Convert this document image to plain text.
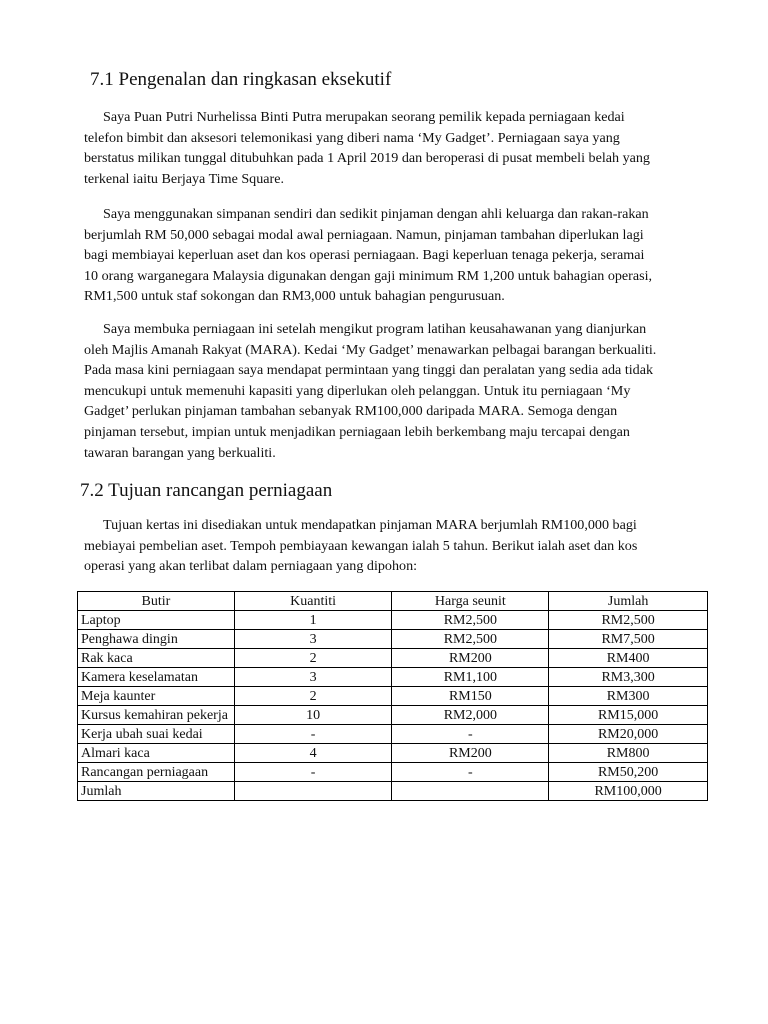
7.1 Pengenalan dan ringkasan eksekutif

Saya Puan Putri Nurhelissa Binti Putra merupakan seorang pemilik kepada perniagaan kedai
telefon bimbit dan aksesori telemonikasi yang diberi nama ‘My Gadget’. Perniagaan saya yang
berstatus milikan tunggal ditubuhkan pada 1 April 2019 dan beroperasi di pusat membeli belah yang
terkenal iaitu Berjaya Time Square.

Saya menggunakan simpanan sendiri dan sedikit pinjaman dengan ahli keluarga dan rakan-rakan
berjumlah RM 50,000 sebagai modal awal perniagaan. Namun, pinjaman tambahan diperlukan lagi
bagi membiayai keperluan aset dan kos operasi perniagaan. Bagi keperluan tenaga pekerja, seramai
10 orang warganegara Malaysia digunakan dengan gaji minimum RM 1,200 untuk bahagian operasi,
RM1,500 untuk staf sokongan dan RM3,000 untuk bahagian pengurusuan.

Saya membuka perniagaan ini setelah mengikut program latihan keusahawanan yang dianjurkan
oleh Majlis Amanah Rakyat (MARA). Kedai ‘My Gadget’ menawarkan pelbagai barangan berkualiti.
Pada masa kini perniagaan saya mendapat permintaan yang tinggi dan peralatan yang sedia ada tidak
mencukupi untuk memenuhi kapasiti yang diperlukan oleh pelanggan. Untuk itu perniagaan ‘My
Gadget’ perlukan pinjaman tambahan sebanyak RM100,000 daripada MARA. Semoga dengan
pinjaman tersebut, impian untuk menjadikan perniagaan lebih berkembang maju tercapai dengan
tawaran barangan yang berkualiti.

7.2 Tujuan rancangan perniagaan

Tujuan kertas ini disediakan untuk mendapatkan pinjaman MARA berjumlah RM100,000 bagi
mebiayai pembelian aset. Tempoh pembiayaan kewangan ialah 5 tahun. Berikut ialah aset dan kos
operasi yang akan terlibat dalam perniagaan yang dipohon:

Butir	Kuantiti	Harga seunit	Jumlah
Laptop	1	RM2,500	RM2,500
Penghawa dingin	3	RM2,500	RM7,500
Rak kaca	2	RM200	RM400
Kamera keselamatan	3	RM1,100	RM3,300
Meja kaunter	2	RM150	RM300
Kursus kemahiran pekerja	10	RM2,000	RM15,000
Kerja ubah suai kedai	-	-	RM20,000
Almari kaca	4	RM200	RM800
Rancangan perniagaan	-	-	RM50,200
Jumlah			RM100,000
